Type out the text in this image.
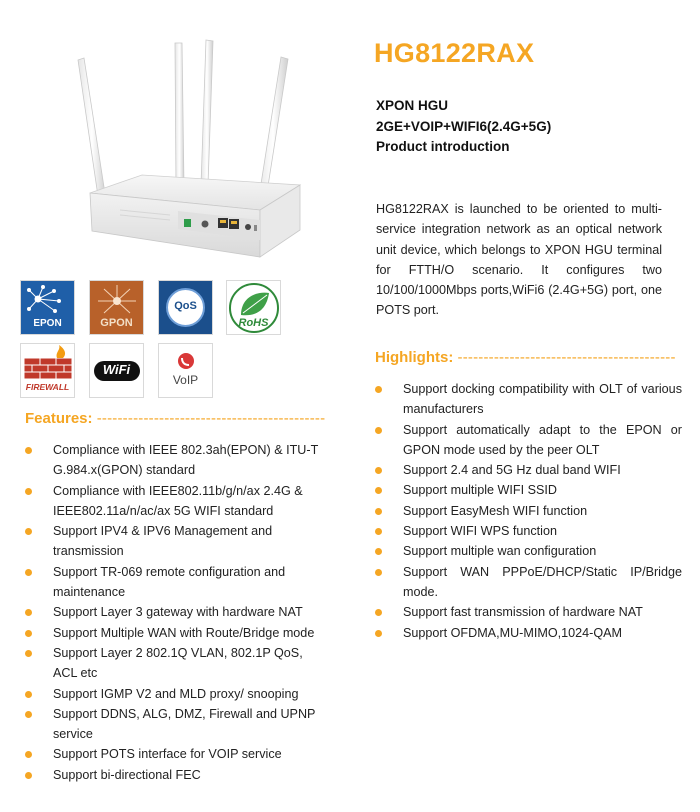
EPON	GPON
QoS
RoHS
FIREWALL
WiFi
VoIP
HG8122RAX
XPON HGU
2GE+VOIP+WIFI6(2.4G+5G)
Product introduction
HG8122RAX is launched to be oriented to multi-service integration network as an optical network unit device, which belongs to XPON HGU terminal for FTTH/O scenario. It configures two 10/100/1000Mbps ports,WiFi6 (2.4G+5G) port, one POTS port.
Highlights: ------------------------------------------
Support docking compatibility with OLT of various manufacturers
Support automatically adapt to the EPON or GPON mode used by the peer OLT
Support 2.4 and 5G Hz dual band WIFI
Support multiple WIFI SSID
Support EasyMesh WIFI function
Support WIFI WPS function
Support multiple wan configuration
Support WAN PPPoE/DHCP/Static IP/Bridge mode.
Support fast transmission of hardware NAT
Support OFDMA,MU-MIMO,1024-QAM
Features: --------------------------------------------
Compliance with IEEE 802.3ah(EPON) & ITU-T G.984.x(GPON) standard
Compliance with IEEE802.11b/g/n/ax 2.4G & IEEE802.11a/n/ac/ax 5G WIFI standard
Support IPV4 & IPV6 Management and transmission
Support TR-069 remote configuration and maintenance
Support Layer 3 gateway with hardware NAT
Support Multiple WAN with Route/Bridge mode
Support Layer 2 802.1Q VLAN, 802.1P QoS, ACL etc
Support IGMP V2 and MLD proxy/ snooping
Support DDNS, ALG, DMZ, Firewall and UPNP service
Support POTS interface for VOIP service
Support bi-directional FEC
